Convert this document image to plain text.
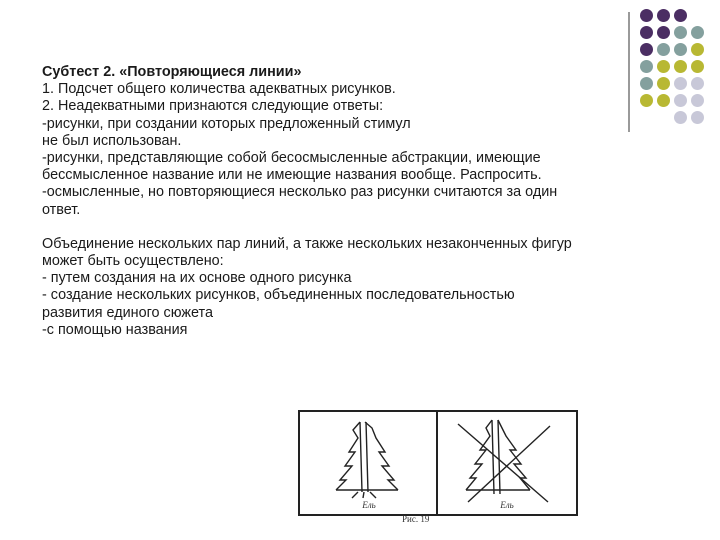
Субтест 2. «Повторяющиеся линии»

1. Подсчет общего количества адекватных рисунков.

2. Неадекватными признаются следующие ответы:

-рисунки, при создании которых предложенный стимул

не был использован.

-рисунки, представляющие собой бесосмысленные абстракции, имеющие

бессмысленное название или не имеющие названия вообще. Распросить.

-осмысленные, но повторяющиеся несколько раз рисунки считаются за один

ответ.

Объединение нескольких пар линий, а также нескольких незаконченных фигур

может быть осуществлено:

- путем создания на их основе одного рисунка

- создание нескольких рисунков, объединенных последовательностью

развития единого сюжета

-с помощью названия

Ель	Ель
Рис. 19
